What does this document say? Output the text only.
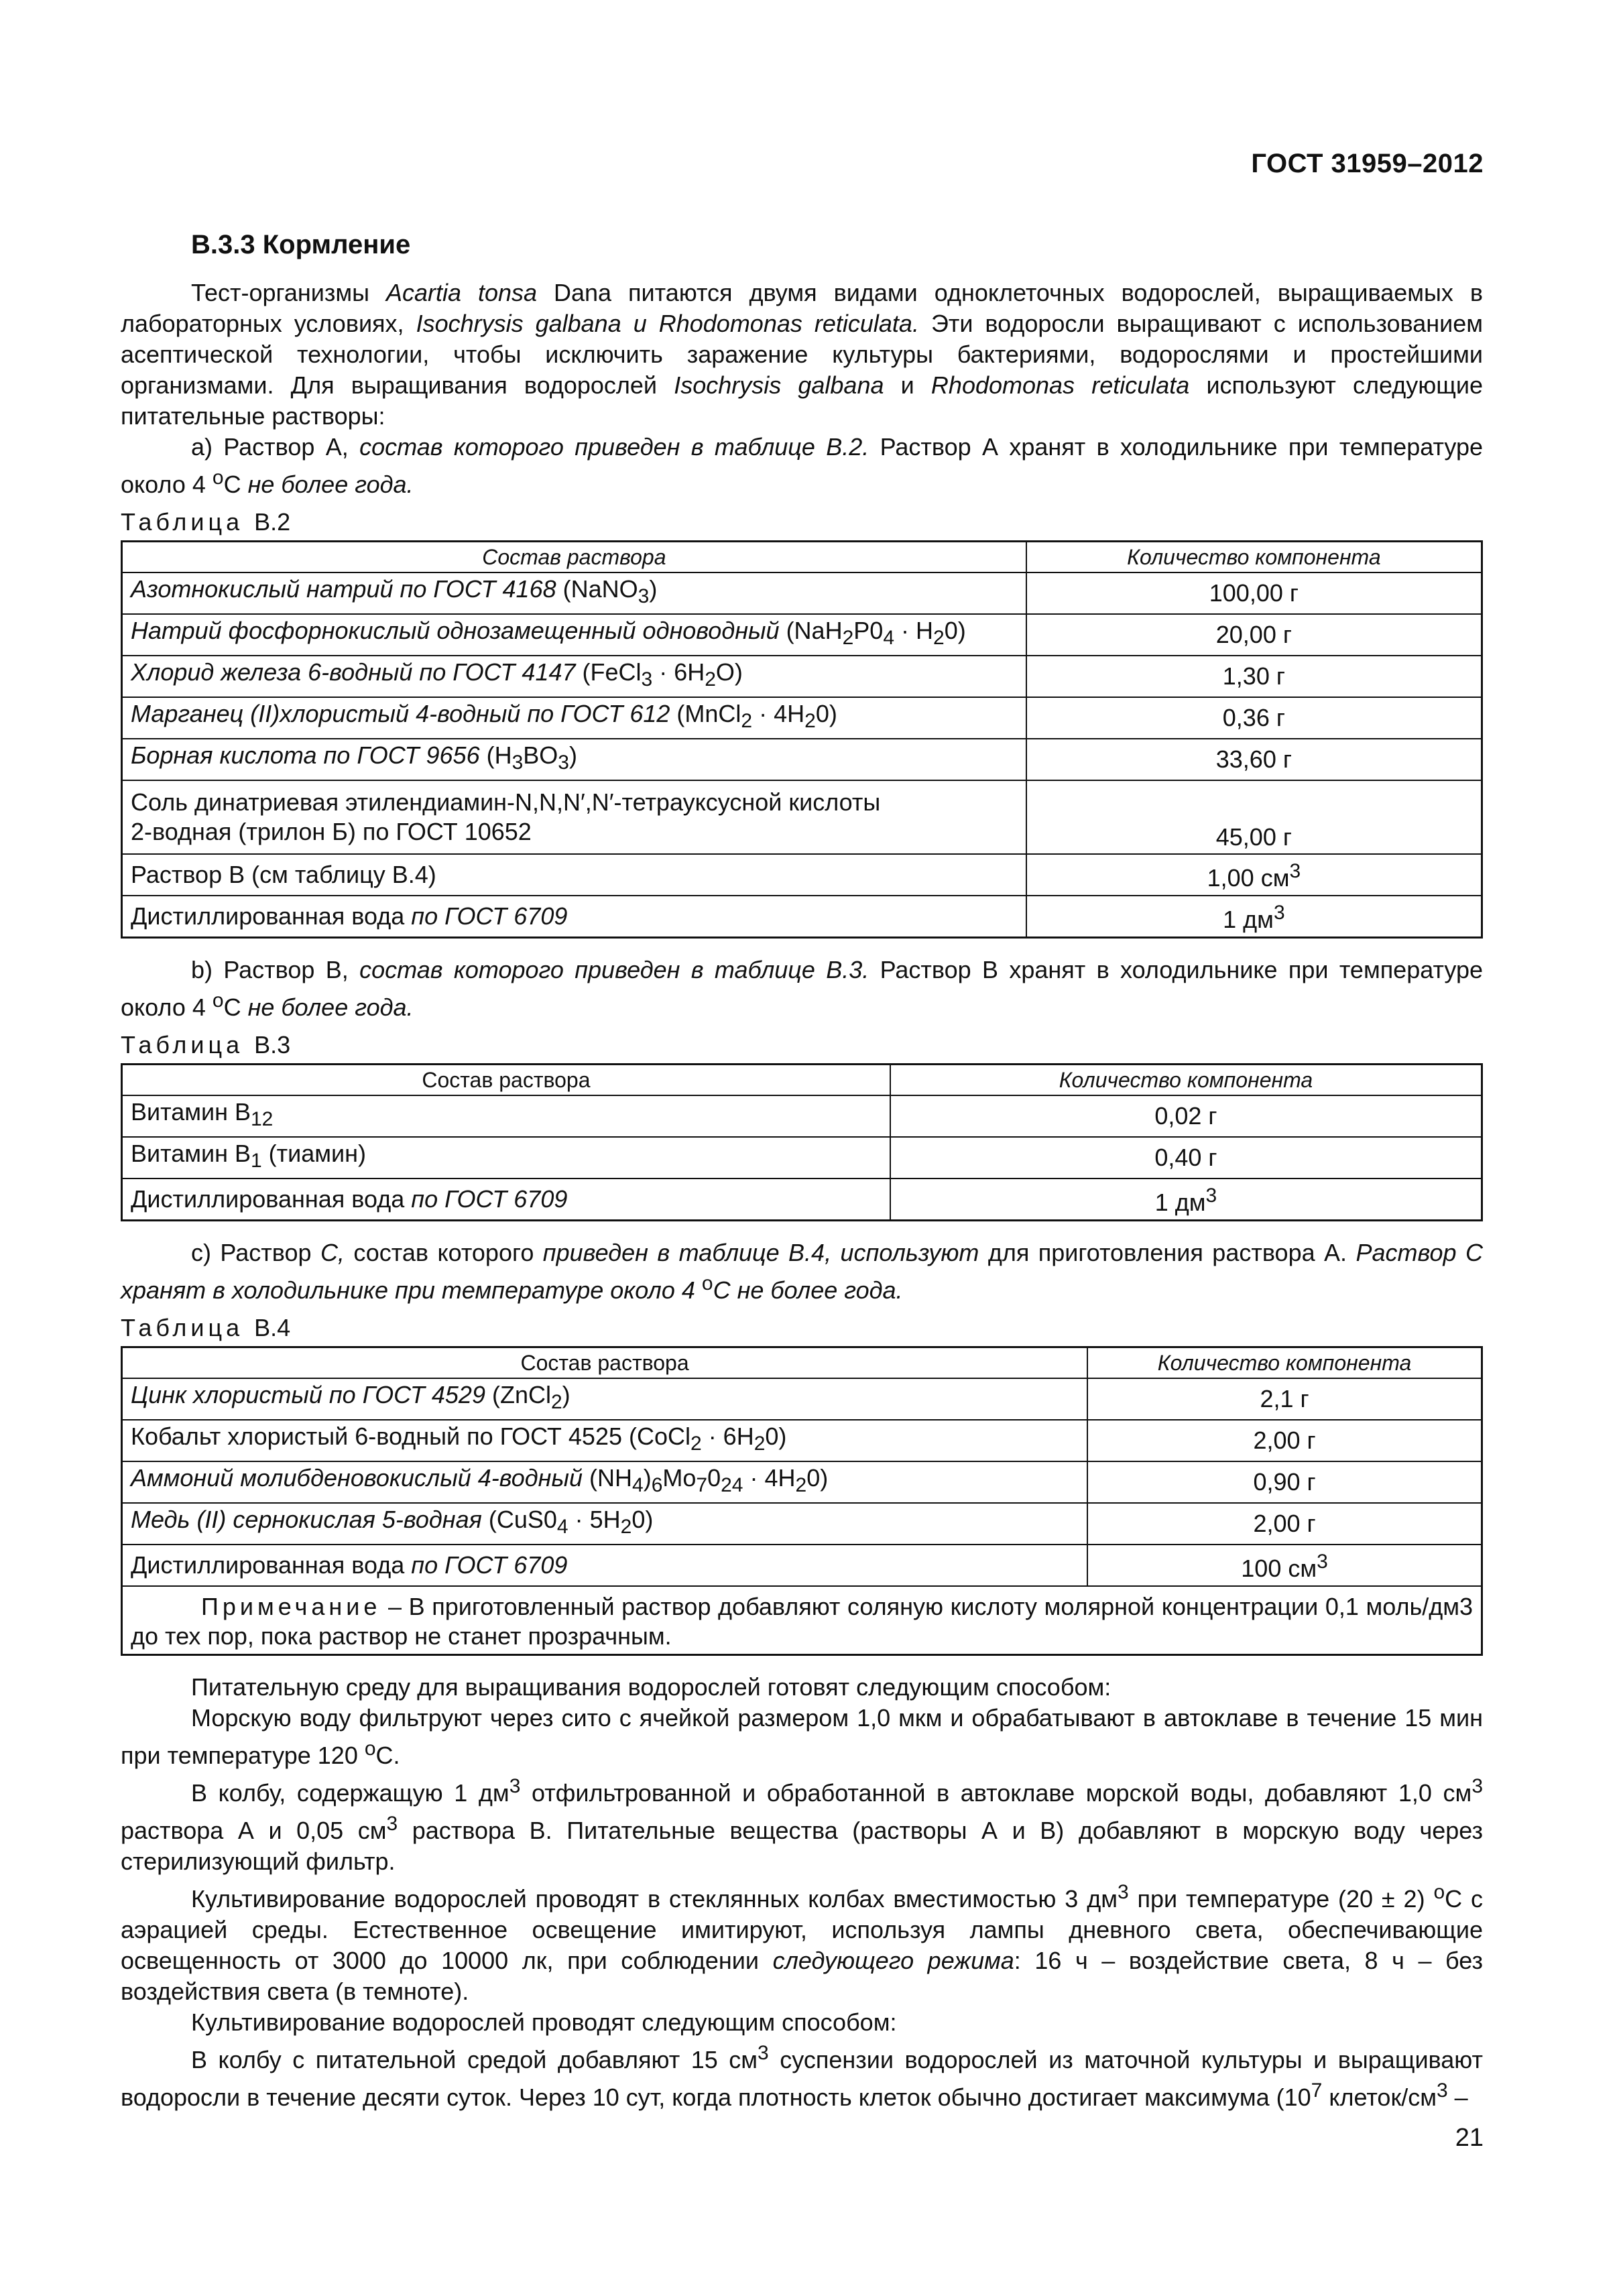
ГОСТ 31959–2012
В.3.3 Кормление

Тест-организмы Acartia tonsa Dana питаются двумя видами одноклеточных водорослей, выращиваемых в лабораторных условиях, Isochrysis galbana и Rhodomonas reticulata. Эти водоросли выращивают с использованием асептической технологии, чтобы исключить заражение культуры бактериями, водорослями и простейшими организмами. Для выращивания водорослей Isochrysis galbana и Rhodomonas reticulata используют следующие питательные растворы:

а) Раствор А, состав которого приведен в таблице В.2. Раствор А хранят в холодильнике при температуре около 4 $^o$С не более года.

Таблица В.2
Состав раствора	Количество компонента
Азотнокислый натрий по ГОСТ 4168 (NaNO$_3$)	100,00 г
Натрий фосфорнокислый однозамещенный одноводный $(NaH_2P0_4 \cdot H_20)$	20,00 г
Хлорид железа 6-водный по ГОСТ 4147 (FeCl$_3$ · $6H_2O$)	1,30 г
Марганец (II)хлористый 4-водный по ГОСТ 612 (MnCl$_2$ · $4H_20$)	0,36 г
Борная кислота по ГОСТ 9656 $(H_3BO_3)$	33,60 г
Соль динатриевая этилендиамин-N,N,N′,N′-тетрауксусной кислоты
2-водная (трилон Б) по ГОСТ 10652	45,00 г
Раствор В (см таблицу В.4)	1,00 $см^3$
Дистиллированная вода по ГОСТ 6709	1 $дм^3$

b) Раствор В, состав которого приведен в таблице В.3. Раствор В хранят в холодильнике при температуре около 4 $^o$С не более года.

Таблица В.3
Состав раствора	Количество компонента
Витамин $B_{12}$	0,02 г
Витамин $B_1$ (тиамин)	0,40 г
Дистиллированная вода по ГОСТ 6709	1 $дм^3$

с) Раствор С, состав которого приведен в таблице В.4, используют для приготовления раствора А. Раствор С хранят в холодильнике при температуре около 4 $^o$С не более года.

Таблица В.4
Состав раствора	Количество компонента
Цинк хлористый по ГОСТ 4529 (ZnCl$_2$)	2,1 г
Кобальт хлористый 6-водный по ГОСТ 4525 (CoCl$_2$ · $6H_20$)	2,00 г
Аммоний молибденовокислый 4-водный $(NH_4)_6Mo_70_{24} \cdot 4H_20$)	0,90 г
Медь (II) сернокислая 5-водная $(CuS0_4 \cdot 5H_20)$	2,00 г
Дистиллированная вода по ГОСТ 6709	100 $см^3$
Примечание – В приготовленный раствор добавляют соляную кислоту молярной концентрации 0,1 моль/дм3 до тех пор, пока раствор не станет прозрачным.	

Питательную среду для выращивания водорослей готовят следующим способом:

Морскую воду фильтруют через сито с ячейкой размером 1,0 мкм и обрабатывают в автоклаве в течение 15 мин при температуре 120 $^o$С.

В колбу, содержащую 1 $дм^3$ отфильтрованной и обработанной в автоклаве морской воды, добавляют 1,0 $см^3$ раствора А и 0,05 $см^3$ раствора В. Питательные вещества (растворы А и В) добавляют в морскую воду через стерилизующий фильтр.

Культивирование водорослей проводят в стеклянных колбах вместимостью 3 $дм^3$ при температуре (20 ± 2) $^o$С с аэрацией среды. Естественное освещение имитируют, используя лампы дневного света, обеспечивающие освещенность от 3000 до 10000 лк, при соблюдении следующего режима: 16 ч – воздействие света, 8 ч – без воздействия света (в темноте).

Культивирование водорослей проводят следующим способом:

В колбу с питательной средой добавляют 15 $см^3$ суспензии водорослей из маточной культуры и выращивают водоросли в течение десяти суток. Через 10 сут, когда плотность клеток обычно достигает максимума ($10^7$ клеток/$см^3$ –

21
